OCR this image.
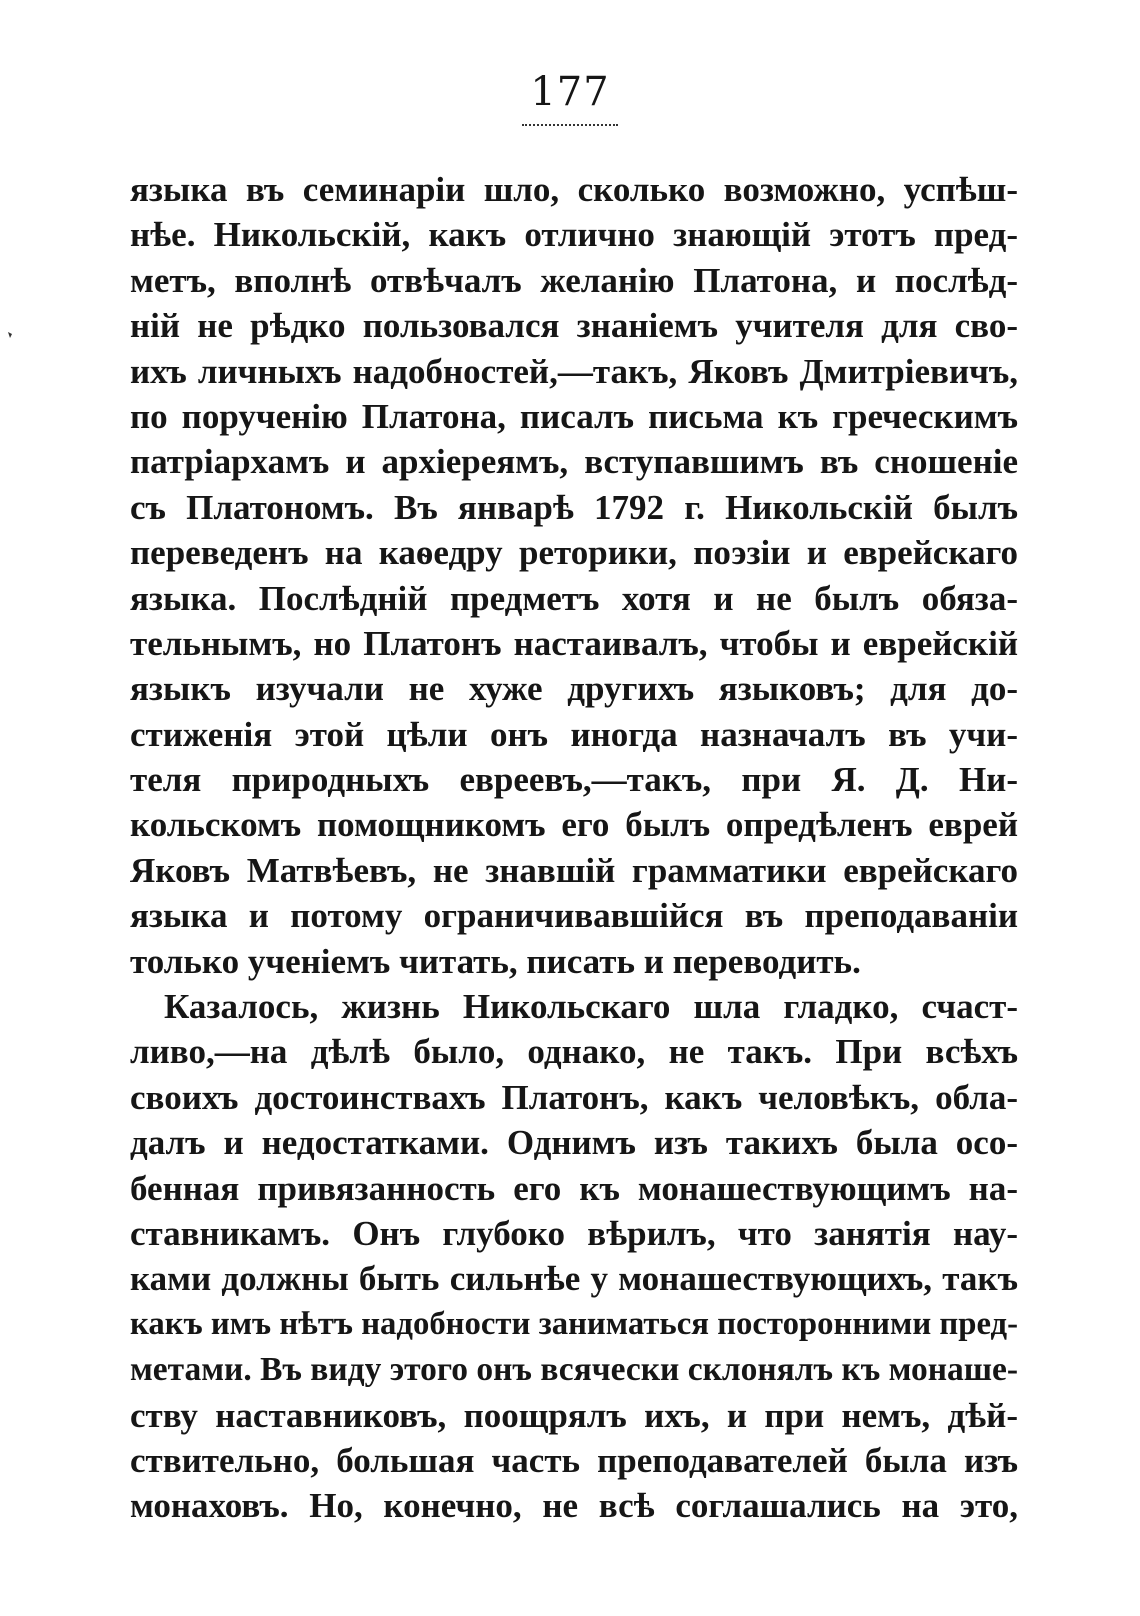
177
языка въ семинаріи шло, сколько возможно, успѣш-
нѣе. Никольскій, какъ отлично знающій этотъ пред-
метъ, вполнѣ отвѣчалъ желанію Платона, и послѣд-
ній не рѣдко пользовался знаніемъ учителя для сво-
ихъ личныхъ надобностей,—такъ, Яковъ Дмитріевичъ,
по порученію Платона, писалъ письма къ греческимъ
патріархамъ и архіереямъ, вступавшимъ въ сношеніе
съ Платономъ. Въ январѣ 1792 г. Никольскій былъ
переведенъ на каѳедру реторики, поэзіи и еврейскаго
языка. Послѣдній предметъ хотя и не былъ обяза-
тельнымъ, но Платонъ настаивалъ, чтобы и еврейскій
языкъ изучали не хуже другихъ языковъ; для до-
стиженія этой цѣли онъ иногда назначалъ въ учи-
теля природныхъ евреевъ,—такъ, при Я. Д. Ни-
кольскомъ помощникомъ его былъ опредѣленъ еврей
Яковъ Матвѣевъ, не знавшій грамматики еврейскаго
языка и потому ограничивавшійся въ преподаваніи
только ученіемъ читать, писать и переводить.
Казалось, жизнь Никольскаго шла гладко, счаст-
ливо,—на дѣлѣ было, однако, не такъ. При всѣхъ
своихъ достоинствахъ Платонъ, какъ человѣкъ, обла-
далъ и недостатками. Однимъ изъ такихъ была осо-
бенная привязанность его къ монашествующимъ на-
ставникамъ. Онъ глубоко вѣрилъ, что занятія нау-
ками должны быть сильнѣе у монашествующихъ, такъ
какъ имъ нѣтъ надобности заниматься посторонними пред-
метами. Въ виду этого онъ всячески склонялъ къ монаше-
ству наставниковъ, поощрялъ ихъ, и при немъ, дѣй-
ствительно, большая часть преподавателей была изъ
монаховъ. Но, конечно, не всѣ соглашались на это,
